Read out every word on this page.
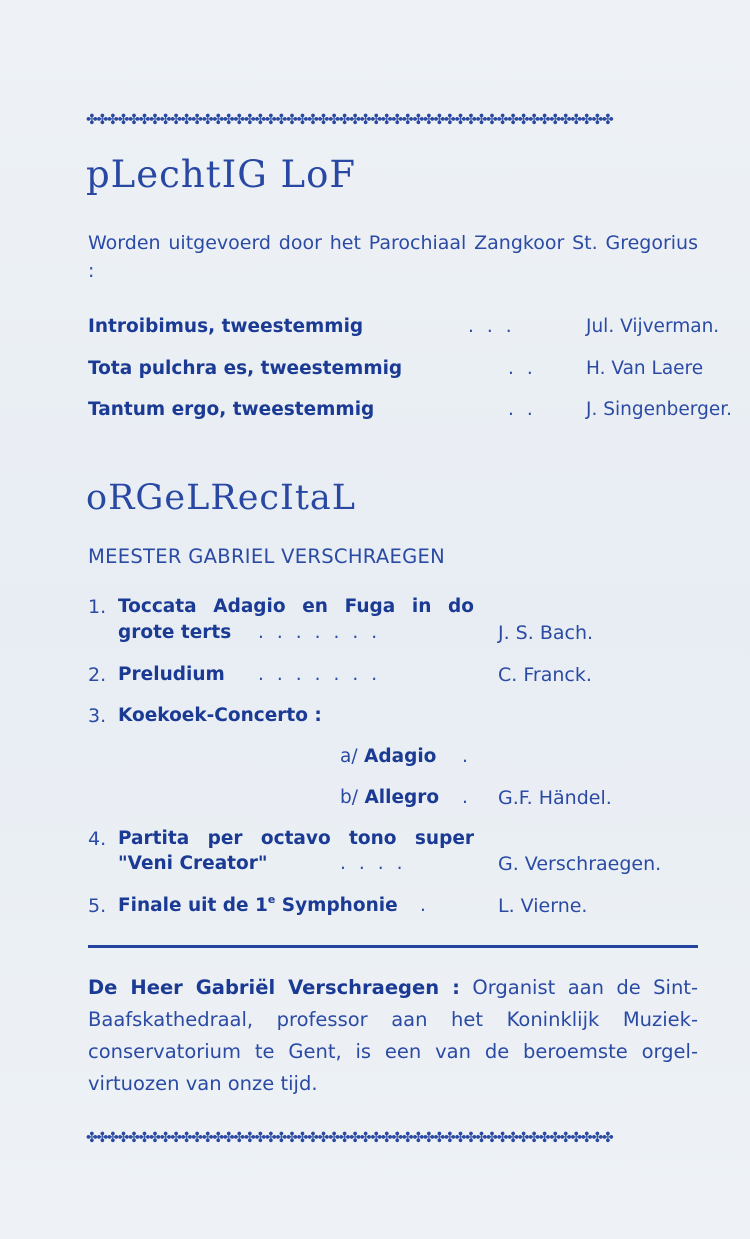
✤✤✤✤✤✤✤✤✤✤✤✤✤✤✤✤✤✤✤✤✤✤✤✤✤✤✤✤✤✤✤✤✤✤✤✤✤✤✤✤✤✤✤✤✤✤✤✤✤✤
pLechtIG LoF

Worden uitgevoerd door het Parochiaal Zangkoor St. Gregorius :

Introibimus, tweestemmig	...	Jul. Vijverman.
Tota pulchra es, tweestemmig	.. H. Van Laere
Tantum ergo, tweestemmig	.. J. Singenberger.
oRGeLRecItaL

MEESTER GABRIEL VERSCHRAEGEN

1. Toccata Adagio en Fuga in do
grote terts .......	J. S. Bach.
2. Preludium .......	C. Franck.
3. Koekoek-Concerto :
a/ Adagio .
b/ Allegro . G.F. Händel.
4. Partita per octavo tono super
"Veni Creator"	....	G. Verschraegen.
5. Finale uit de 1e Symphonie .	L. Vierne.

De Heer Gabriël Verschraegen : Organist aan de Sint-Baafskathedraal, professor aan het Koninklijk Muziek-conservatorium te Gent, is een van de beroemste orgel-virtuozen van onze tijd.

✤✤✤✤✤✤✤✤✤✤✤✤✤✤✤✤✤✤✤✤✤✤✤✤✤✤✤✤✤✤✤✤✤✤✤✤✤✤✤✤✤✤✤✤✤✤✤✤✤✤
